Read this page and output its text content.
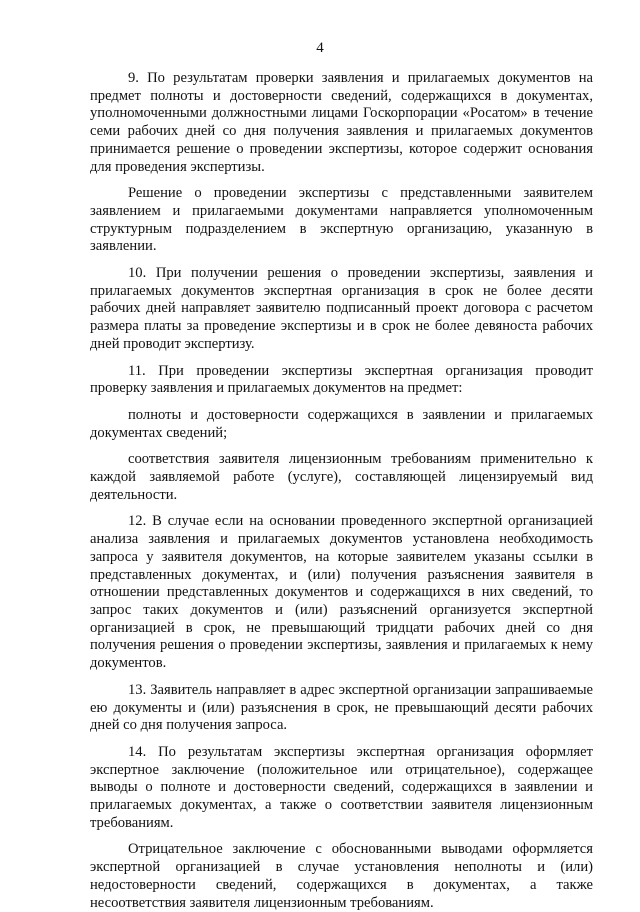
4

9. По результатам проверки заявления и прилагаемых документов на предмет полноты и достоверности сведений, содержащихся в документах, уполномоченными должностными лицами Госкорпорации «Росатом» в течение семи рабочих дней со дня получения заявления и прилагаемых документов принимается решение о проведении экспертизы, которое содержит основания для проведения экспертизы.

Решение о проведении экспертизы с представленными заявителем заявлением и прилагаемыми документами направляется уполномоченным структурным подразделением в экспертную организацию, указанную в заявлении.

10. При получении решения о проведении экспертизы, заявления и прилагаемых документов экспертная организация в срок не более десяти рабочих дней направляет заявителю подписанный проект договора с расчетом размера платы за проведение экспертизы и в срок не более девяноста рабочих дней проводит экспертизу.

11. При проведении экспертизы экспертная организация проводит проверку заявления и прилагаемых документов на предмет:

полноты и достоверности содержащихся в заявлении и прилагаемых документах сведений;

соответствия заявителя лицензионным требованиям применительно к каждой заявляемой работе (услуге), составляющей лицензируемый вид деятельности.

12. В случае если на основании проведенного экспертной организацией анализа заявления и прилагаемых документов установлена необходимость запроса у заявителя документов, на которые заявителем указаны ссылки в представленных документах, и (или) получения разъяснения заявителя в отношении представленных документов и содержащихся в них сведений, то запрос таких документов и (или) разъяснений организуется экспертной организацией в срок, не превышающий тридцати рабочих дней со дня получения решения о проведении экспертизы, заявления и прилагаемых к нему документов.

13. Заявитель направляет в адрес экспертной организации запрашиваемые ею документы и (или) разъяснения в срок, не превышающий десяти рабочих дней со дня получения запроса.

14. По результатам экспертизы экспертная организация оформляет экспертное заключение (положительное или отрицательное), содержащее выводы о полноте и достоверности сведений, содержащихся в заявлении и прилагаемых документах, а также о соответствии заявителя лицензионным требованиям.

Отрицательное заключение с обоснованными выводами оформляется экспертной организацией в случае установления неполноты и (или) недостоверности сведений, содержащихся в документах, а также несоответствия заявителя лицензионным требованиям.
